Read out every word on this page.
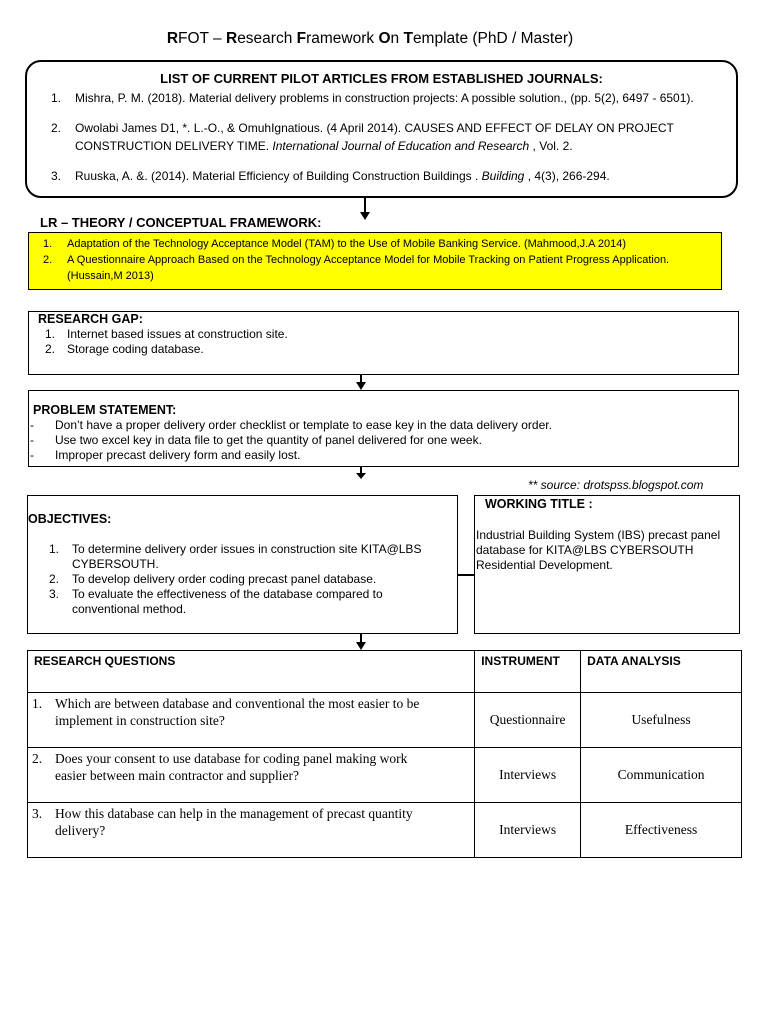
RFOT – Research Framework On Template (PhD / Master)
LIST OF CURRENT PILOT ARTICLES FROM ESTABLISHED JOURNALS:
1. Mishra, P. M. (2018). Material delivery problems in construction projects: A possible solution., (pp. 5(2), 6497 - 6501).
2. Owolabi James D1, *. L.-O., & OmuhIgnatious. (4 April 2014). CAUSES AND EFFECT OF DELAY ON PROJECT
CONSTRUCTION DELIVERY TIME. International Journal of Education and Research , Vol. 2.
3. Ruuska, A. &. (2014). Material Efficiency of Building Construction Buildings . Building , 4(3), 266-294.
LR – THEORY / CONCEPTUAL FRAMEWORK:
1. Adaptation of the Technology Acceptance Model (TAM) to the Use of Mobile Banking Service. (Mahmood,J.A 2014)
2. A Questionnaire Approach Based on the Technology Acceptance Model for Mobile Tracking on Patient Progress Application.
(Hussain,M 2013)
RESEARCH GAP:
1. Internet based issues at construction site.
2. Storage coding database.
PROBLEM STATEMENT:
- Don’t have a proper delivery order checklist or template to ease key in the data delivery order.
- Use two excel key in data file to get the quantity of panel delivered for one week.
- Improper precast delivery form and easily lost.
** source: drotspss.blogspot.com
OBJECTIVES:
1. To determine delivery order issues in construction site KITA@LBS
CYBERSOUTH.
2. To develop delivery order coding precast panel database.
3. To evaluate the effectiveness of the database compared to
conventional method.
WORKING TITLE :
Industrial Building System (IBS) precast panel
database for KITA@LBS CYBERSOUTH
Residential Development.
RESEARCH QUESTIONS	INSTRUMENT	DATA ANALYSIS

1. Which are between database and conventional the most easier to be
implement in construction site?	Questionnaire	Usefulness

2. Does your consent to use database for coding panel making work
easier between main contractor and supplier?	Interviews	Communication

3. How this database can help in the management of precast quantity
delivery?	Interviews	Effectiveness
